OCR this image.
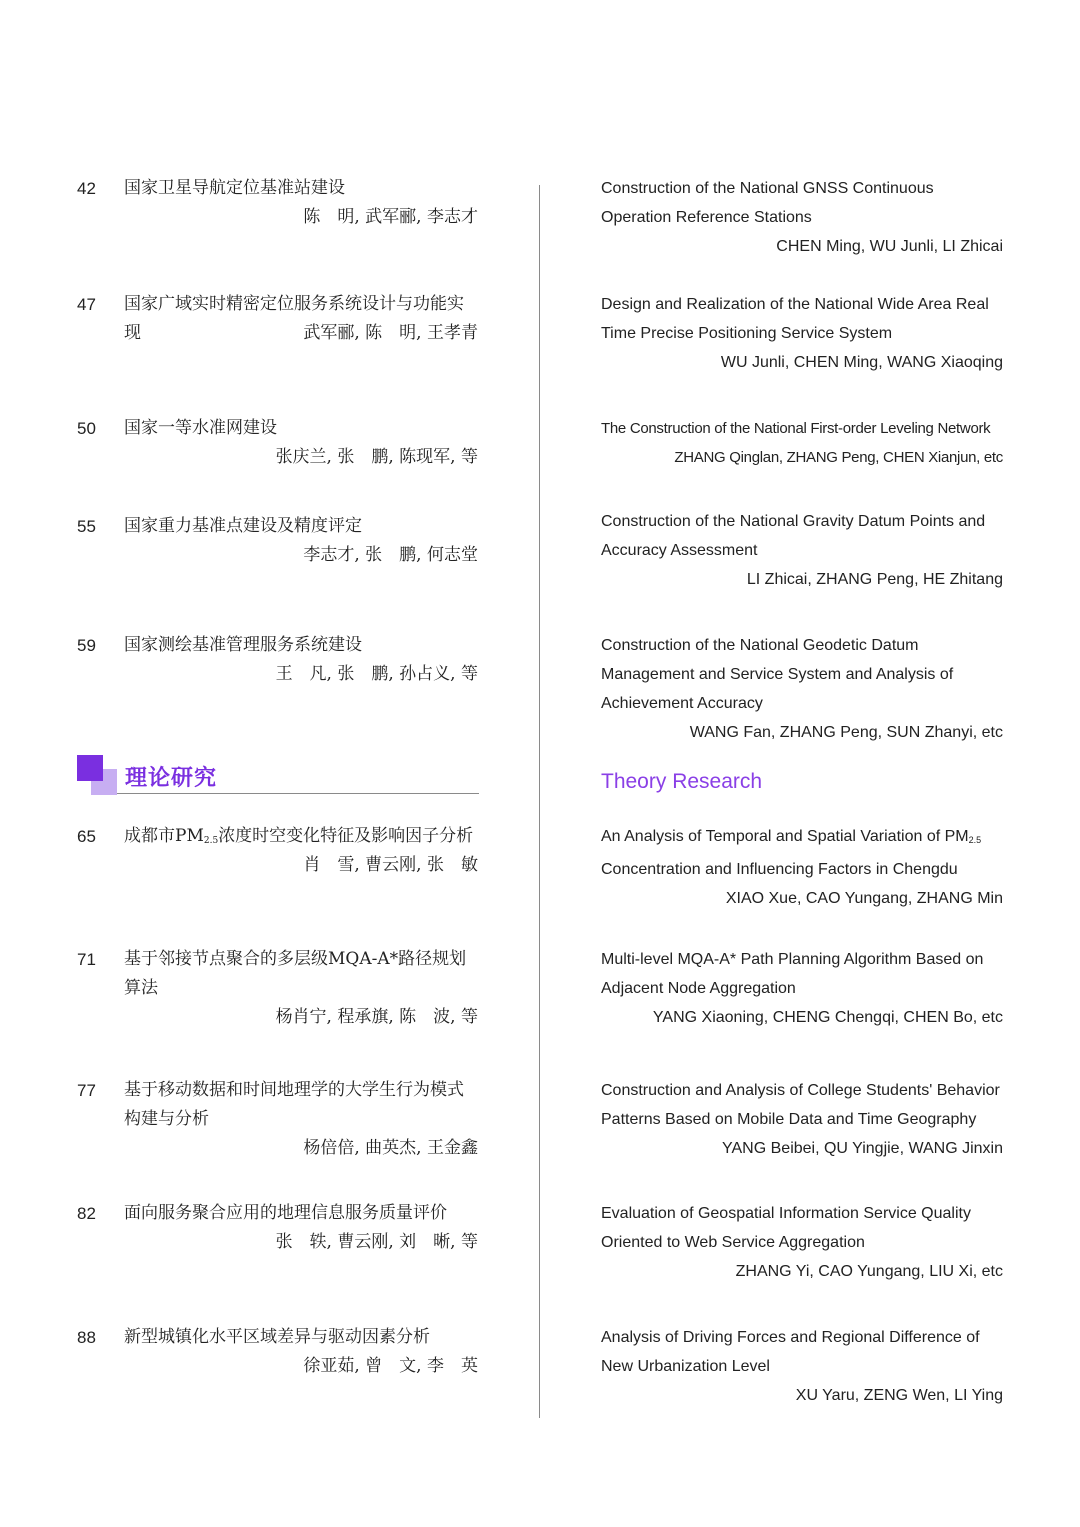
42 国家卫星导航定位基准站建设
陈　明, 武军郦, 李志才
Construction of the National GNSS Continuous Operation Reference Stations
CHEN Ming, WU Junli, LI Zhicai
47 国家广域实时精密定位服务系统设计与功能实现	武军郦, 陈　明, 王孝青
Design and Realization of the National Wide Area Real Time Precise Positioning Service System
WU Junli, CHEN Ming, WANG Xiaoqing
50 国家一等水准网建设
张庆兰, 张　鹏, 陈现军, 等
The Construction of the National First-order Leveling Network
ZHANG Qinglan, ZHANG Peng, CHEN Xianjun, etc
55 国家重力基准点建设及精度评定
李志才, 张　鹏, 何志堂
Construction of the National Gravity Datum Points and Accuracy Assessment
LI Zhicai, ZHANG Peng, HE Zhitang
59 国家测绘基准管理服务系统建设
王　凡, 张　鹏, 孙占义, 等
Construction of the National Geodetic Datum Management and Service System and Analysis of Achievement Accuracy
WANG Fan, ZHANG Peng, SUN Zhanyi, etc
理论研究	Theory Research
65 成都市$PM_{2.5}$浓度时空变化特征及影响因子分析
肖　雪, 曹云刚, 张　敏
An Analysis of Temporal and Spatial Variation of $PM_{2.5}$ Concentration and Influencing Factors in Chengdu
XIAO Xue, CAO Yungang, ZHANG Min
71 基于邻接节点聚合的多层级MQA-A*路径规划算法
杨肖宁, 程承旗, 陈　波, 等
Multi-level MQA-A* Path Planning Algorithm Based on Adjacent Node Aggregation
YANG Xiaoning, CHENG Chengqi, CHEN Bo, etc
77 基于移动数据和时间地理学的大学生行为模式构建与分析
杨倍倍, 曲英杰, 王金鑫
Construction and Analysis of College Students' Behavior Patterns Based on Mobile Data and Time Geography
YANG Beibei, QU Yingjie, WANG Jinxin
82 面向服务聚合应用的地理信息服务质量评价
张　轶, 曹云刚, 刘　晰, 等
Evaluation of Geospatial Information Service Quality Oriented to Web Service Aggregation
ZHANG Yi, CAO Yungang, LIU Xi, etc
88 新型城镇化水平区域差异与驱动因素分析
徐亚茹, 曾　文, 李　英
Analysis of Driving Forces and Regional Difference of New Urbanization Level
XU Yaru, ZENG Wen, LI Ying
